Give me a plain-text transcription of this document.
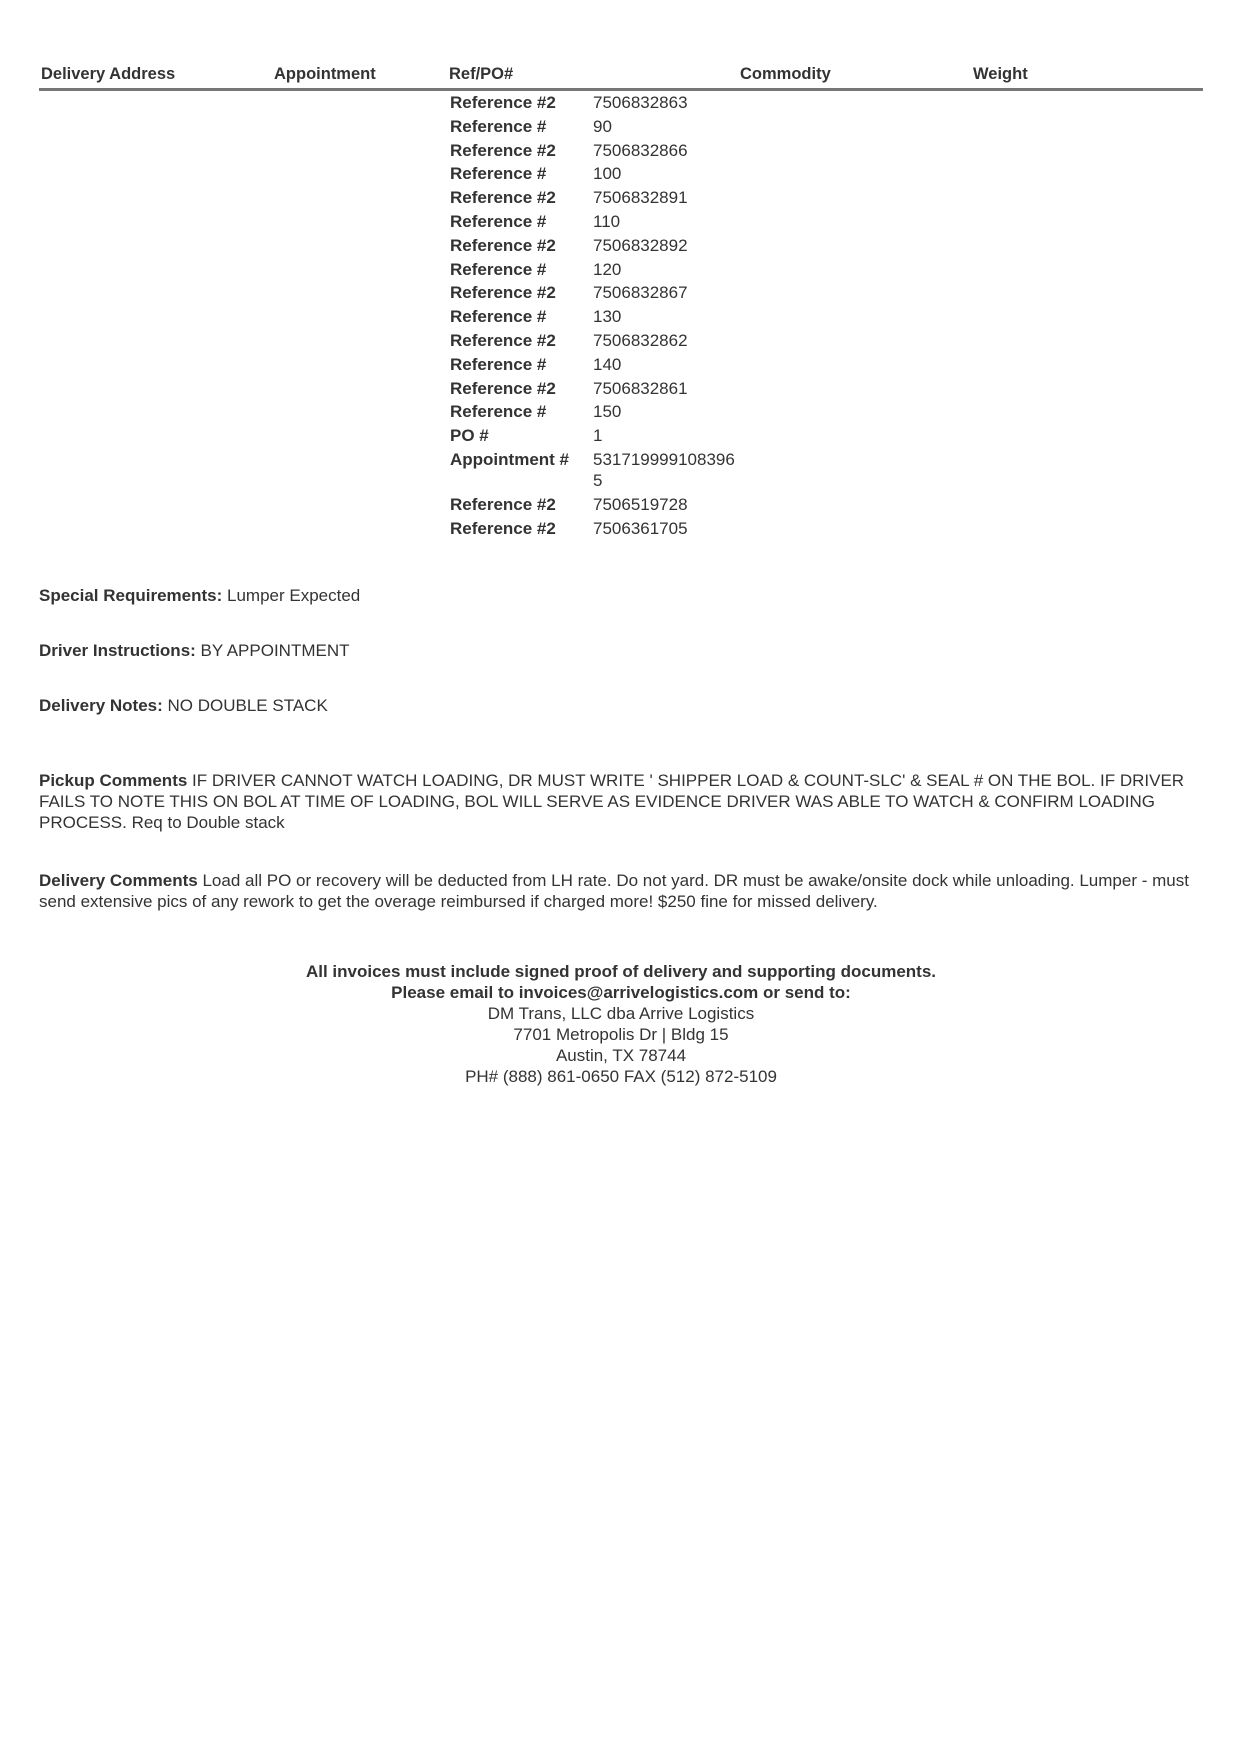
Delivery Address	Appointment	Ref/PO#	Commodity	Weight
Reference #2	7506832863
Reference #	90
Reference #2	7506832866
Reference #	100
Reference #2	7506832891
Reference #	110
Reference #2	7506832892
Reference #	120
Reference #2	7506832867
Reference #	130
Reference #2	7506832862
Reference #	140
Reference #2	7506832861
Reference #	150
PO #	1
Appointment #	5317199991083965
Reference #2	7506519728
Reference #2	7506361705
Special Requirements: Lumper Expected
Driver Instructions: BY APPOINTMENT
Delivery Notes: NO DOUBLE STACK
Pickup Comments IF DRIVER CANNOT WATCH LOADING, DR MUST WRITE ' SHIPPER LOAD & COUNT-SLC' & SEAL # ON THE BOL. IF DRIVER FAILS TO NOTE THIS ON BOL AT TIME OF LOADING, BOL WILL SERVE AS EVIDENCE DRIVER WAS ABLE TO WATCH & CONFIRM LOADING PROCESS. Req to Double stack
Delivery Comments Load all PO or recovery will be deducted from LH rate. Do not yard. DR must be awake/onsite dock while unloading. Lumper - must send extensive pics of any rework to get the overage reimbursed if charged more! $250 fine for missed delivery.
All invoices must include signed proof of delivery and supporting documents.
Please email to invoices@arrivelogistics.com or send to:
DM Trans, LLC dba Arrive Logistics
7701 Metropolis Dr | Bldg 15
Austin, TX 78744
PH# (888) 861-0650 FAX (512) 872-5109
